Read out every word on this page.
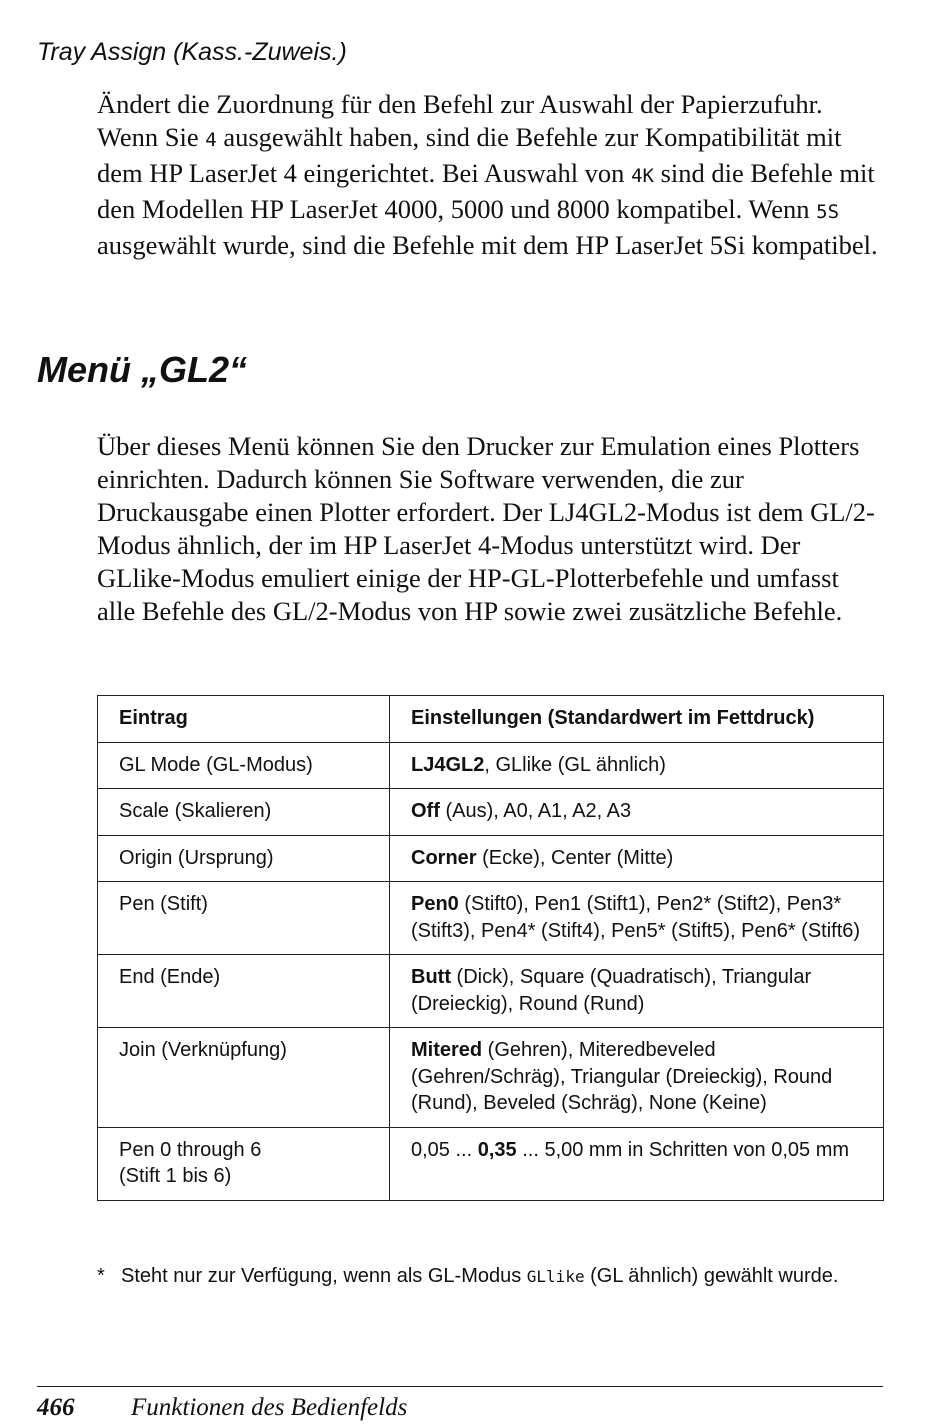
Tray Assign (Kass.-Zuweis.)
Ändert die Zuordnung für den Befehl zur Auswahl der Papierzufuhr. Wenn Sie 4 ausgewählt haben, sind die Befehle zur Kompatibilität mit dem HP LaserJet 4 eingerichtet. Bei Auswahl von 4K sind die Befehle mit den Modellen HP LaserJet 4000, 5000 und 8000 kompatibel. Wenn 5S ausgewählt wurde, sind die Befehle mit dem HP LaserJet 5Si kompatibel.
Menü „GL2“
Über dieses Menü können Sie den Drucker zur Emulation eines Plotters einrichten. Dadurch können Sie Software verwenden, die zur Druckausgabe einen Plotter erfordert. Der LJ4GL2-Modus ist dem GL/2-Modus ähnlich, der im HP LaserJet 4-Modus unterstützt wird. Der GLlike-Modus emuliert einige der HP-GL-Plotterbefehle und umfasst alle Befehle des GL/2-Modus von HP sowie zwei zusätzliche Befehle.
Eintrag	Einstellungen (Standardwert im Fettdruck)
GL Mode (GL-Modus)	LJ4GL2, GLlike (GL ähnlich)
Scale (Skalieren)	Off (Aus), A0, A1, A2, A3
Origin (Ursprung)	Corner (Ecke), Center (Mitte)
Pen (Stift)	Pen0 (Stift0), Pen1 (Stift1), Pen2* (Stift2), Pen3* (Stift3), Pen4* (Stift4), Pen5* (Stift5), Pen6* (Stift6)
End (Ende)	Butt (Dick), Square (Quadratisch), Triangular (Dreieckig), Round (Rund)
Join (Verknüpfung)	Mitered (Gehren), Miteredbeveled (Gehren/Schräg), Triangular (Dreieckig), Round (Rund), Beveled (Schräg), None (Keine)
Pen 0 through 6
(Stift 1 bis 6)	0,05 ... 0,35 ... 5,00 mm in Schritten von 0,05 mm
* Steht nur zur Verfügung, wenn als GL-Modus GLlike (GL ähnlich) gewählt wurde.
466 Funktionen des Bedienfelds
